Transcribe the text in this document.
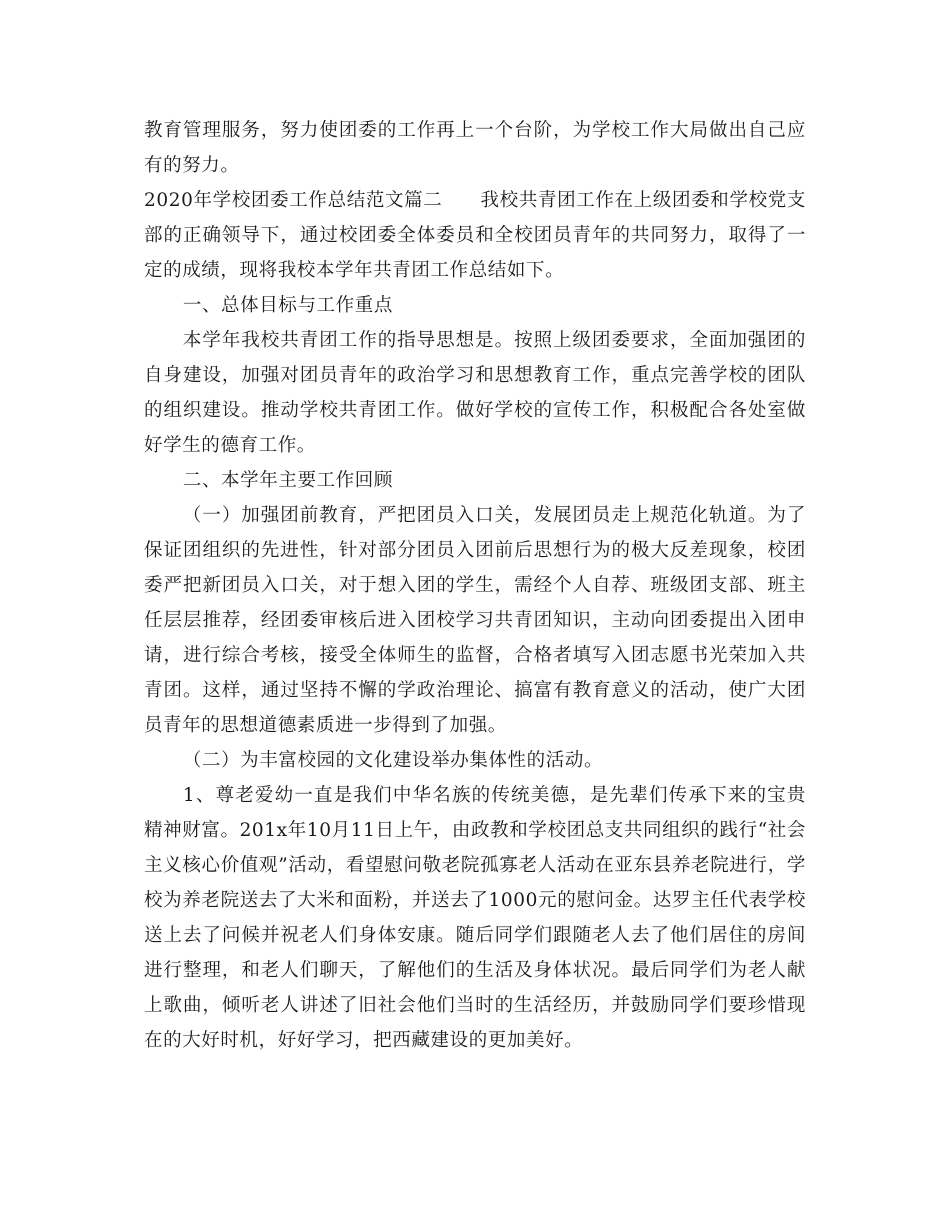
教育管理服务，努力使团委的工作再上一个台阶，为学校工作大局做出自己应有的努力。

2020年学校团委工作总结范文篇二 我校共青团工作在上级团委和学校党支部的正确领导下，通过校团委全体委员和全校团员青年的共同努力，取得了一定的成绩，现将我校本学年共青团工作总结如下。

一、总体目标与工作重点

本学年我校共青团工作的指导思想是。按照上级团委要求，全面加强团的自身建设，加强对团员青年的政治学习和思想教育工作，重点完善学校的团队的组织建设。推动学校共青团工作。做好学校的宣传工作，积极配合各处室做好学生的德育工作。

二、本学年主要工作回顾

（一）加强团前教育，严把团员入口关，发展团员走上规范化轨道。为了保证团组织的先进性，针对部分团员入团前后思想行为的极大反差现象，校团委严把新团员入口关，对于想入团的学生，需经个人自荐、班级团支部、班主任层层推荐，经团委审核后进入团校学习共青团知识，主动向团委提出入团申请，进行综合考核，接受全体师生的监督，合格者填写入团志愿书光荣加入共青团。这样，通过坚持不懈的学政治理论、搞富有教育意义的活动，使广大团员青年的思想道德素质进一步得到了加强。

（二）为丰富校园的文化建设举办集体性的活动。

1、尊老爱幼一直是我们中华名族的传统美德，是先辈们传承下来的宝贵精神财富。201x年10月11日上午，由政教和学校团总支共同组织的践行“社会主义核心价值观”活动，看望慰问敬老院孤寡老人活动在亚东县养老院进行，学校为养老院送去了大米和面粉，并送去了1000元的慰问金。达罗主任代表学校送上去了问候并祝老人们身体安康。随后同学们跟随老人去了他们居住的房间进行整理，和老人们聊天，了解他们的生活及身体状况。最后同学们为老人献上歌曲，倾听老人讲述了旧社会他们当时的生活经历，并鼓励同学们要珍惜现在的大好时机，好好学习，把西藏建设的更加美好。
